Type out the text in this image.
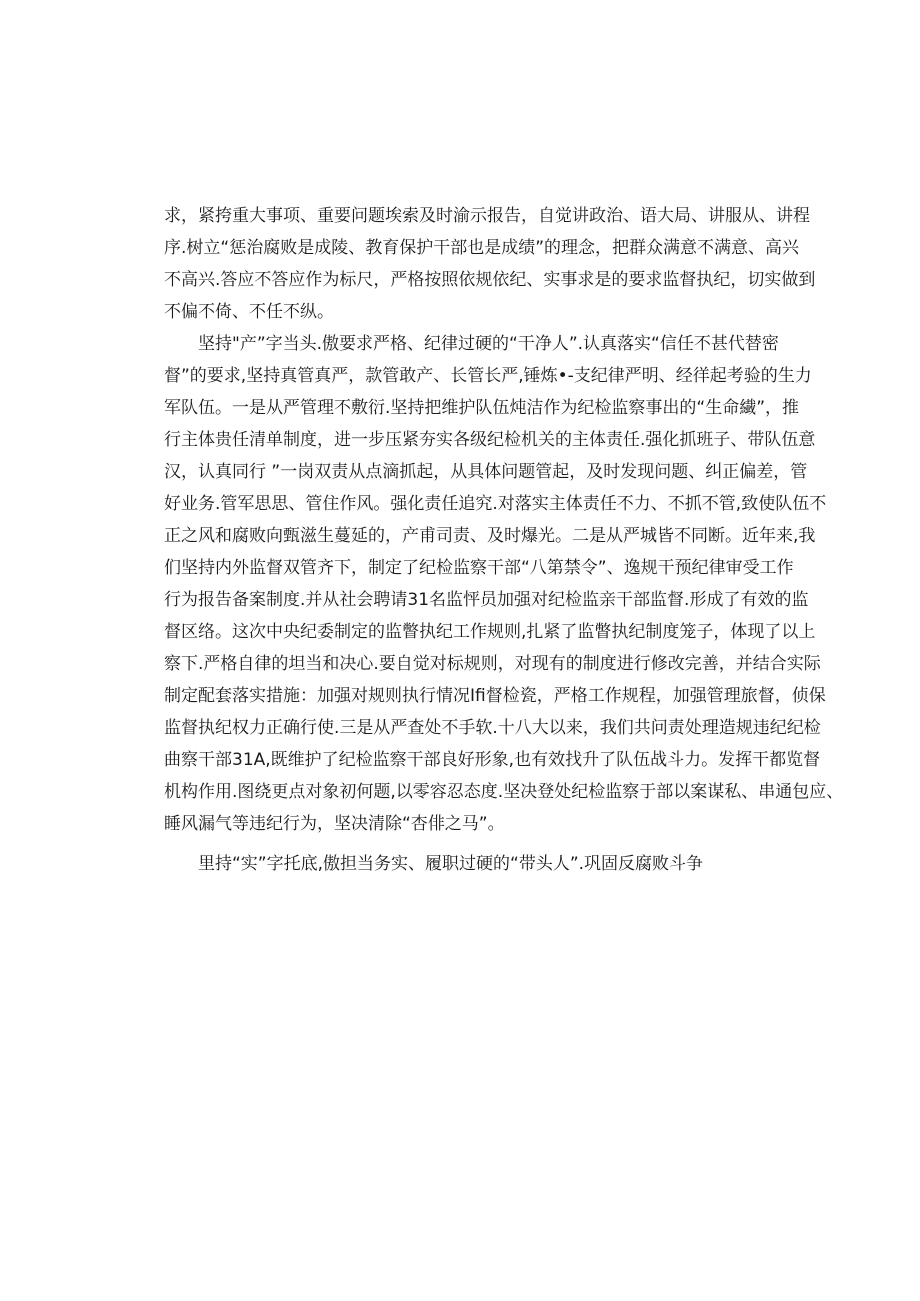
求，紧挎重大事项、重要问题埃索及时渝示报告，自觉讲政治、语大局、讲服从、讲程
序.树立“惩治腐败是成陵、教育保护干部也是成绩”的理念，把群众满意不满意、高兴
不高兴.答应不答应作为标尺，严格按照依规依纪、实事求是的要求监督执纪，切实做到
不偏不倚、不任不纵。
坚持"产”字当头.傲要求严格、纪律过硬的“干净人”.认真落实“信任不甚代替密
督”的要求,坚持真管真严，款管敢产、长管长严,锤炼•-支纪律严明、经徉起考验的生力
军队伍。一是从严管理不敷衍.坚持把维护队伍炖洁作为纪检监察事出的“生命繊”，推
行主体贵任清单制度，进一步压紧夯实各级纪检机关的主体责任.强化抓班子、带队伍意
汉，认真同行 ”一岗双责从点滴抓起，从具体问题管起，及时发现问题、纠正偏差，管
好业务.管军思思、管住作风。强化责任追究.对落实主体责任不力、不抓不管,致使队伍不
正之风和腐败向甄滋生蔓延的，产甫司责、及时爆光。二是从严城皆不同断。近年来,我
们坚持内外监督双管齐下，制定了纪检监察干部“八第禁令”、逸规干预纪律审受工作
行为报告备案制度.并从社会聘请31名监怦员加强对纪检监亲干部监督.形成了有效的监
督区络。这次中央纪委制定的监瞥执纪工作规则,扎紧了监瞥执纪制度笼子，体现了以上
察下.严格自律的坦当和决心.要自觉对标规则，对现有的制度进行修改完善，并结合实际
制定配套落实措施：加强对规则执行情况Ifi督检瓷，严格工作规程，加强管理旅督，侦保
监督执纪权力正确行使.三是从严查处不手软.十八大以来，我们共问责处理造规违纪纪检
曲察干部31A,既维护了纪检监察干部良好形象,也有效找升了队伍战斗力。发挥干都览督
机构作用.图绕更点对象初何题,以零容忍态度.坚决登处纪检监察于部以案谋私、串通包应、
睡风漏气等违纪行为，坚决清除“杏俳之马”。
里持“实”字托底,傲担当务实、履职过硬的“带头人”.巩固反腐败斗争
